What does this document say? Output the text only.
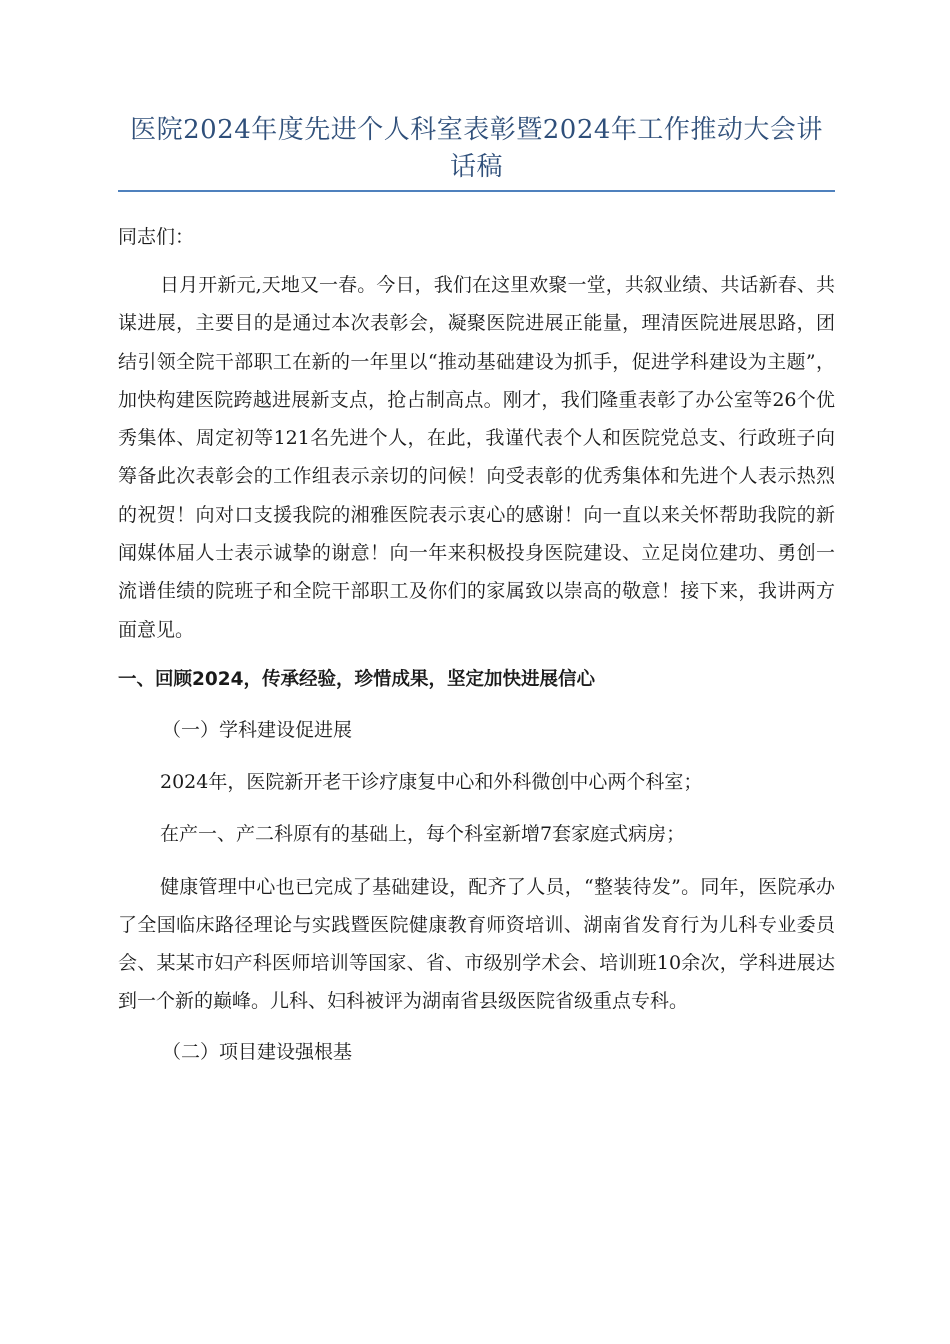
医院2024年度先进个人科室表彰暨2024年工作推动大会讲话稿

同志们：

日月开新元,天地又一春。今日，我们在这里欢聚一堂，共叙业绩、共话新春、共谋进展，主要目的是通过本次表彰会，凝聚医院进展正能量，理清医院进展思路，团结引领全院干部职工在新的一年里以“推动基础建设为抓手，促进学科建设为主题”，加快构建医院跨越进展新支点，抢占制高点。刚才，我们隆重表彰了办公室等26个优秀集体、周定初等121名先进个人，在此，我谨代表个人和医院党总支、行政班子向筹备此次表彰会的工作组表示亲切的问候！向受表彰的优秀集体和先进个人表示热烈的祝贺！向对口支援我院的湘雅医院表示衷心的感谢！向一直以来关怀帮助我院的新闻媒体届人士表示诚挚的谢意！向一年来积极投身医院建设、立足岗位建功、勇创一流谱佳绩的院班子和全院干部职工及你们的家属致以崇高的敬意！接下来，我讲两方面意见。

一、回顾2024，传承经验，珍惜成果，坚定加快进展信心

（一）学科建设促进展

2024年，医院新开老干诊疗康复中心和外科微创中心两个科室；

在产一、产二科原有的基础上，每个科室新增7套家庭式病房；

健康管理中心也已完成了基础建设，配齐了人员，“整装待发”。同年，医院承办了全国临床路径理论与实践暨医院健康教育师资培训、湖南省发育行为儿科专业委员会、某某市妇产科医师培训等国家、省、市级别学术会、培训班10余次，学科进展达到一个新的巅峰。儿科、妇科被评为湖南省县级医院省级重点专科。

（二）项目建设强根基
